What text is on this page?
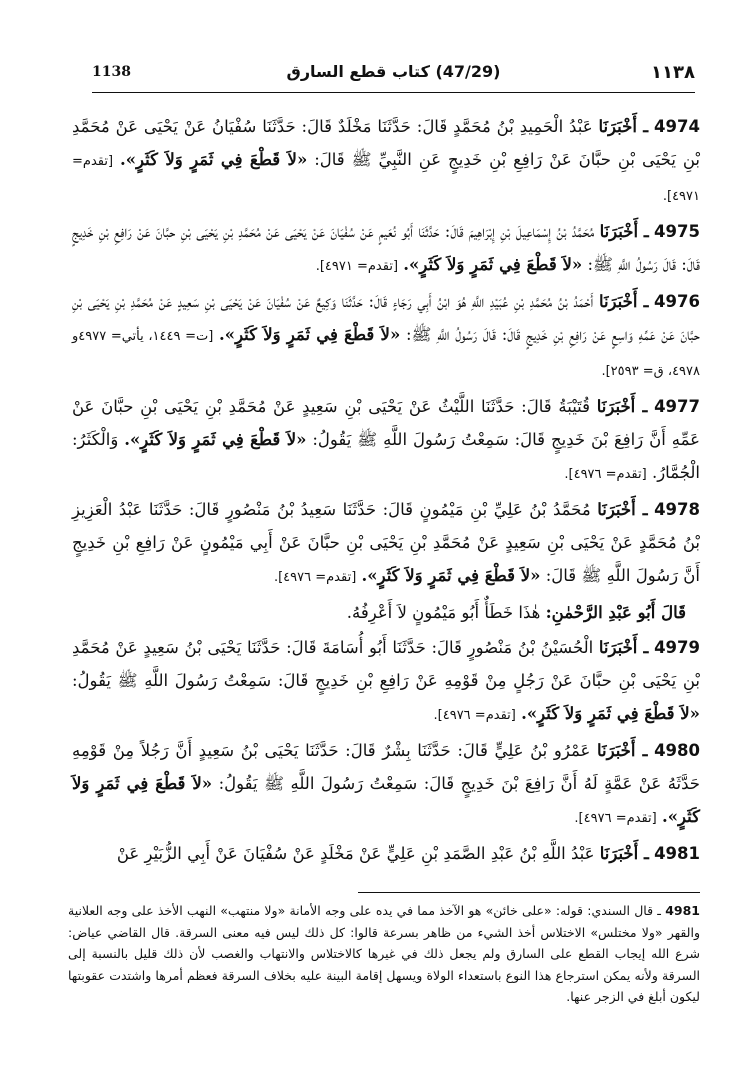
1138	(47/29) كتاب قطع السارق	١١٣٨

4974 ـ أَخْبَرَنَا عَبْدُ الْحَمِيدِ بْنُ مُحَمَّدٍ قَالَ: حَدَّثَنَا مَخْلَدٌ قَالَ: حَدَّثَنَا سُفْيَانُ عَنْ يَحْيَى عَنْ مُحَمَّدِ بْنِ يَحْيَى بْنِ حبَّانَ عَنْ رَافِعِ بْنِ خَدِيجٍ عَنِ النَّبِيِّ ﷺ قَالَ: «لاَ قَطْعَ فِي ثَمَرٍ وَلاَ كَثَرٍ». [تقدم= ٤٩٧١].

4975 ـ أَخْبَرَنَا مُحَمَّدُ بْنُ إِسْمَاعِيلَ بْنِ إِبْرَاهِيمَ قَالَ: حَدَّثَنَا أَبُو نُعَيمٍ عَنْ سُفْيَانَ عَنْ يَحْيَى عَنْ مُحَمَّدِ بْنِ يَحْيَى بْنِ حبَّانَ عَنْ رَافِعِ بْنِ خَدِيجٍ قَالَ: قَالَ رَسُولُ اللَّهِ ﷺ: «لاَ قَطْعَ فِي ثَمَرٍ وَلاَ كَثَرٍ». [تقدم= ٤٩٧١].

4976 ـ أَخْبَرَنَا أَحْمَدُ بْنُ مُحَمَّدِ بْنِ عُبَيْدِ اللَّهِ هُوَ ابْنُ أَبِي رَجَاءٍ قَالَ: حَدَّثَنَا وَكِيعٌ عَنْ سُفْيَانَ عَنْ يَحْيَى بْنِ سَعِيدٍ عَنْ مُحَمَّدِ بْنِ يَحْيَى بْنِ حبَّانَ عَنْ عَمِّهِ وَاسِعٍ عَنْ رَافِعِ بْنِ خَدِيجٍ قَالَ: قَالَ رَسُولُ اللَّهِ ﷺ: «لاَ قَطْعَ فِي ثَمَرٍ وَلاَ كَثَرٍ». [ت= ١٤٤٩، يأتي= ٤٩٧٧و ٤٩٧٨، ق= ٢٥٩٣].

4977 ـ أَخْبَرَنَا قُتَيْبَةُ قَالَ: حَدَّثَنَا اللَّيْثُ عَنْ يَحْيَى بْنِ سَعِيدٍ عَنْ مُحَمَّدِ بْنِ يَحْيَى بْنِ حبَّانَ عَنْ عَمِّهِ أَنَّ رَافِعَ بْنَ خَدِيجٍ قَالَ: سَمِعْتُ رَسُولَ اللَّهِ ﷺ يَقُولُ: «لاَ قَطْعَ فِي ثَمَرٍ وَلاَ كَثَرٍ». وَالْكَثَرُ: الْجُمَّارُ. [تقدم= ٤٩٧٦].

4978 ـ أَخْبَرَنَا مُحَمَّدُ بْنُ عَلِيِّ بْنِ مَيْمُونٍ قَالَ: حَدَّثَنَا سَعِيدُ بْنُ مَنْصُورٍ قَالَ: حَدَّثَنَا عَبْدُ الْعَزِيزِ بْنُ مُحَمَّدٍ عَنْ يَحْيَى بْنِ سَعِيدٍ عَنْ مُحَمَّدِ بْنِ يَحْيَى بْنِ حبَّانَ عَنْ أَبِي مَيْمُونٍ عَنْ رَافِعِ بْنِ خَدِيجٍ أَنَّ رَسُولَ اللَّهِ ﷺ قَالَ: «لاَ قَطْعَ فِي ثَمَرٍ وَلاَ كَثَرٍ». [تقدم= ٤٩٧٦].

قَالَ أَبُو عَبْدِ الرَّحْمٰنِ: هٰذَا خَطَأٌ أَبُو مَيْمُونٍ لاَ أَعْرِفُهُ.

4979 ـ أَخْبَرَنَا الْحُسَيْنُ بْنُ مَنْصُورٍ قَالَ: حَدَّثَنَا أَبُو أُسَامَةَ قَالَ: حَدَّثَنَا يَحْيَى بْنُ سَعِيدٍ عَنْ مُحَمَّدِ بْنِ يَحْيَى بْنِ حبَّانَ عَنْ رَجُلٍ مِنْ قَوْمِهِ عَنْ رَافِعِ بْنِ خَدِيجٍ قَالَ: سَمِعْتُ رَسُولَ اللَّهِ ﷺ يَقُولُ: «لاَ قَطْعَ فِي ثَمَرٍ وَلاَ كَثَرٍ». [تقدم= ٤٩٧٦].

4980 ـ أَخْبَرَنَا عَمْرُو بْنُ عَلِيٍّ قَالَ: حَدَّثَنَا بِشْرٌ قَالَ: حَدَّثَنَا يَحْيَى بْنُ سَعِيدٍ أَنَّ رَجُلاً مِنْ قَوْمِهِ حَدَّثَهُ عَنْ عَمَّةٍ لَهُ أَنَّ رَافِعَ بْنَ خَدِيجٍ قَالَ: سَمِعْتُ رَسُولَ اللَّهِ ﷺ يَقُولُ: «لاَ قَطْعَ فِي ثَمَرٍ وَلاَ كَثَرٍ». [تقدم= ٤٩٧٦].

4981 ـ أَخْبَرَنَا عَبْدُ اللَّهِ بْنُ عَبْدِ الصَّمَدِ بْنِ عَلِيٍّ عَنْ مَخْلَدٍ عَنْ سُفْيَانَ عَنْ أَبِي الزُّبَيْرِ عَنْ

4981 ـ قال السندي: قوله: «على خائن» هو الآخذ مما في يده على وجه الأمانة «ولا منتهب» النهب الأخذ على وجه العلانية والقهر «ولا مختلس» الاختلاس أخذ الشيء من ظاهر بسرعة قالوا: كل ذلك ليس فيه معنى السرقة. قال القاضي عياض: شرع الله إيجاب القطع على السارق ولم يجعل ذلك في غيرها كالاختلاس والانتهاب والغصب لأن ذلك قليل بالنسبة إلى السرقة ولأنه يمكن استرجاع هذا النوع باستعداء الولاة ويسهل إقامة البينة عليه بخلاف السرقة فعظم أمرها واشتدت عقوبتها ليكون أبلغ في الزجر عنها.
